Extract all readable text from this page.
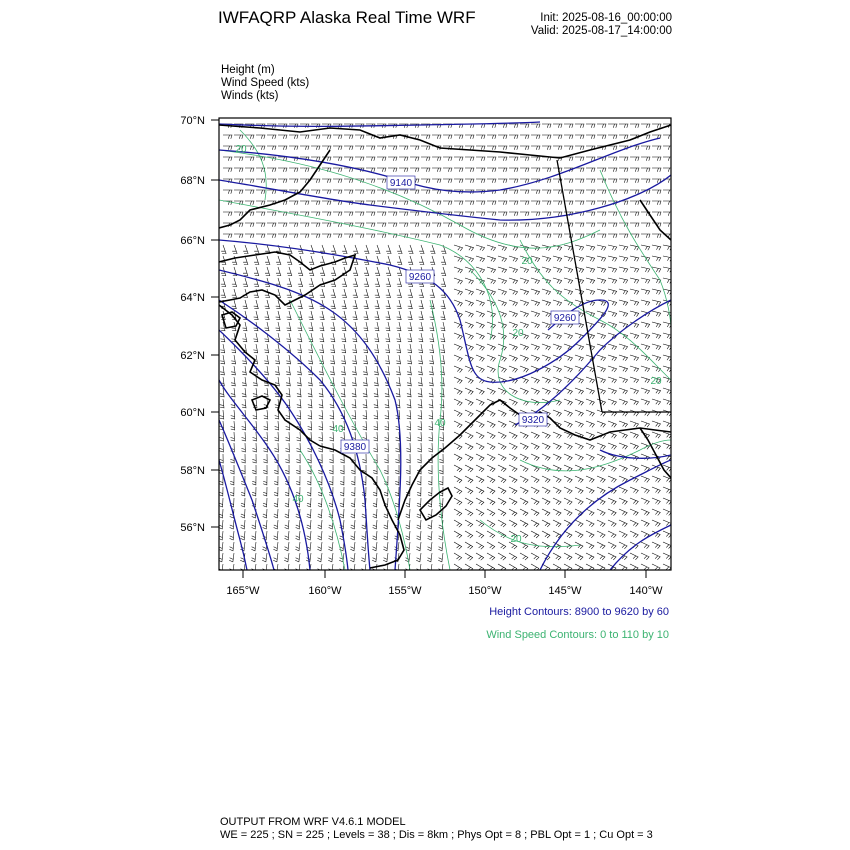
IWFAQRP Alaska Real Time WRF	Init: 2025-08-16_00:00:00
Valid: 2025-08-17_14:00:00
Height (m)
Wind Speed (kts)
Winds (kts)
9140
9260
9260
9380
9320
20
20
20
40
40
40
20
20
70°N
68°N
66°N
64°N
62°N
60°N
58°N
56°N
165°W	160°W	155°W	150°W	145°W	140°W
Height Contours: 8900 to 9620 by 60
Wind Speed Contours: 0 to 110 by 10
OUTPUT FROM WRF V4.6.1 MODEL
WE = 225 ; SN = 225 ; Levels = 38 ; Dis = 8km ; Phys Opt = 8 ; PBL Opt = 1 ; Cu Opt = 3
